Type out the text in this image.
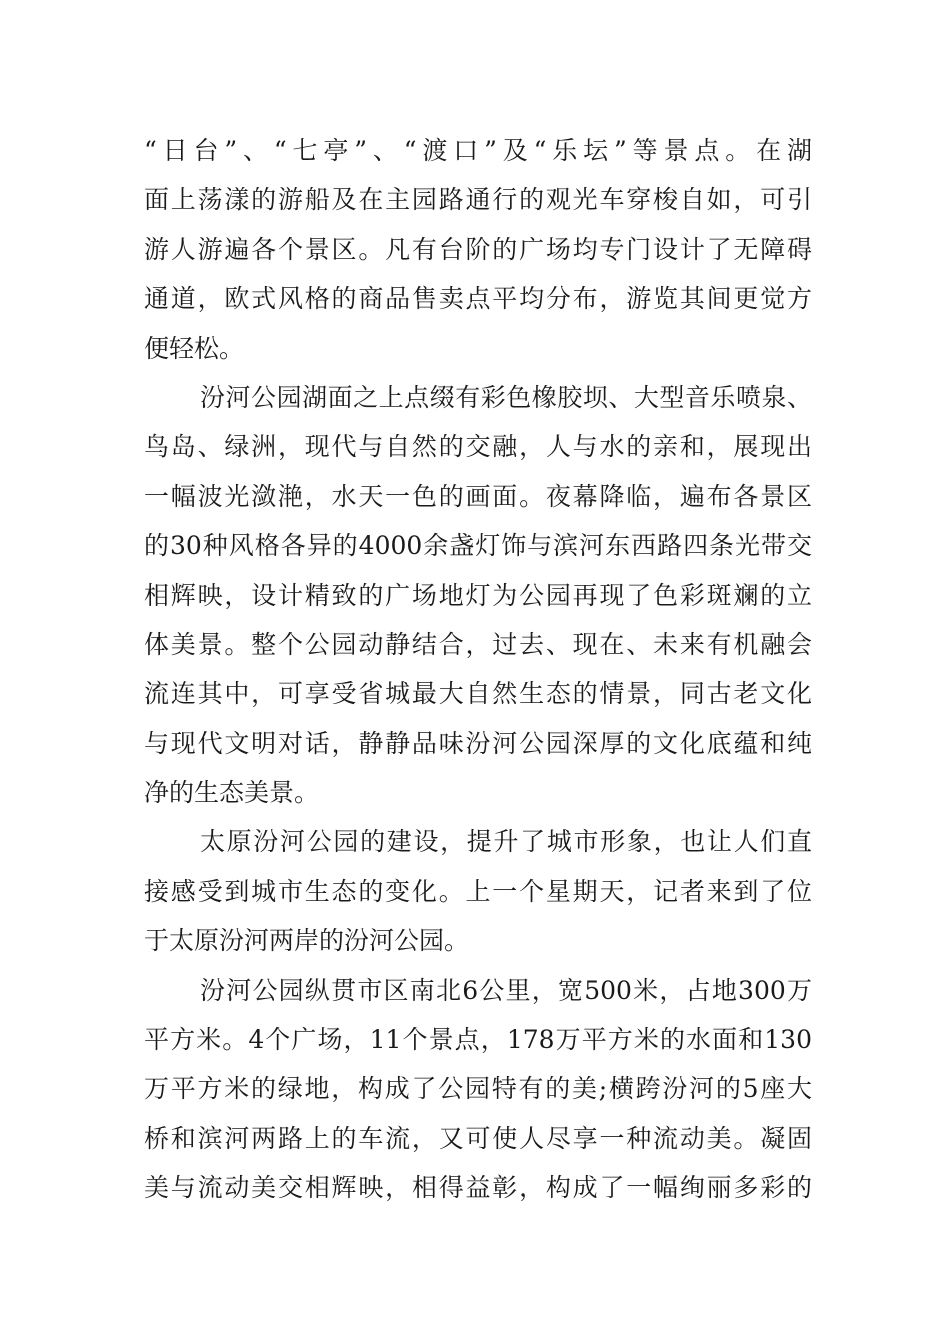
“日台”、“七亭”、“渡口”及“乐坛”等景点。在湖
面上荡漾的游船及在主园路通行的观光车穿梭自如，可引
游人游遍各个景区。凡有台阶的广场均专门设计了无障碍
通道，欧式风格的商品售卖点平均分布，游览其间更觉方
便轻松。
汾河公园湖面之上点缀有彩色橡胶坝、大型音乐喷泉、
鸟岛、绿洲，现代与自然的交融，人与水的亲和，展现出
一幅波光潋滟，水天一色的画面。夜幕降临，遍布各景区
的30种风格各异的4000余盏灯饰与滨河东西路四条光带交
相辉映，设计精致的广场地灯为公园再现了色彩斑斓的立
体美景。整个公园动静结合，过去、现在、未来有机融会
流连其中，可享受省城最大自然生态的情景，同古老文化
与现代文明对话，静静品味汾河公园深厚的文化底蕴和纯
净的生态美景。
太原汾河公园的建设，提升了城市形象，也让人们直
接感受到城市生态的变化。上一个星期天，记者来到了位
于太原汾河两岸的汾河公园。
汾河公园纵贯市区南北6公里，宽500米，占地300万
平方米。4个广场，11个景点，178万平方米的水面和130
万平方米的绿地，构成了公园特有的美;横跨汾河的5座大
桥和滨河两路上的车流，又可使人尽享一种流动美。凝固
美与流动美交相辉映，相得益彰，构成了一幅绚丽多彩的
